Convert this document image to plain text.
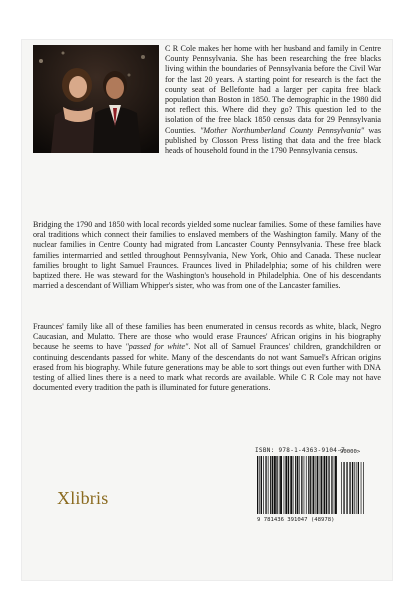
C R Cole makes her home with her husband and family in Centre County Pennsylvania. She has been researching the free blacks living within the boundaries of Pennsylvania before the Civil War for the last 20 years. A starting point for research is the fact the county seat of Bellefonte had a larger per capita free black population than Boston in 1850. The demographic in the 1980 did not reflect this. Where did they go? This question led to the isolation of the free black 1850 census data for 29 Pennsylvania Counties. "Mother Northumberland County Pennsylvania" was published by Closson Press listing that data and the free black heads of household found in the 1790 Pennsylvania census.

Bridging the 1790 and 1850 with local records yielded some nuclear families. Some of these families have oral traditions which connect their families to enslaved members of the Washington family. Many of the nuclear families in Centre County had migrated from Lancaster County Pennsylvania. These free black families intermarried and settled throughout Pennsylvania, New York, Ohio and Canada. These nuclear families brought to light Samuel Fraunces. Fraunces lived in Philadelphia; some of his children were baptized there. He was steward for the Washington's household in Philadelphia. One of his descendants married a descendant of William Whipper's sister, who was from one of the Lancaster families.

Fraunces' family like all of these families has been enumerated in census records as white, black, Negro Caucasian, and Mulatto. There are those who would erase Fraunces' African origins in his biography because he seems to have "passed for white". Not all of Samuel Fraunces' children, grandchildren or continuing descendants passed for white. Many of the descendants do not want Samuel's African origins erased from his biography. While future generations may be able to sort things out even further with DNA testing of allied lines there is a need to mark what records are available. While C R Cole may not have documented every tradition the path is illuminated for future generations.

ISBN: 978-1-4363-9104-7
90000>
9 781436 391047 (48978)
Xlibris
